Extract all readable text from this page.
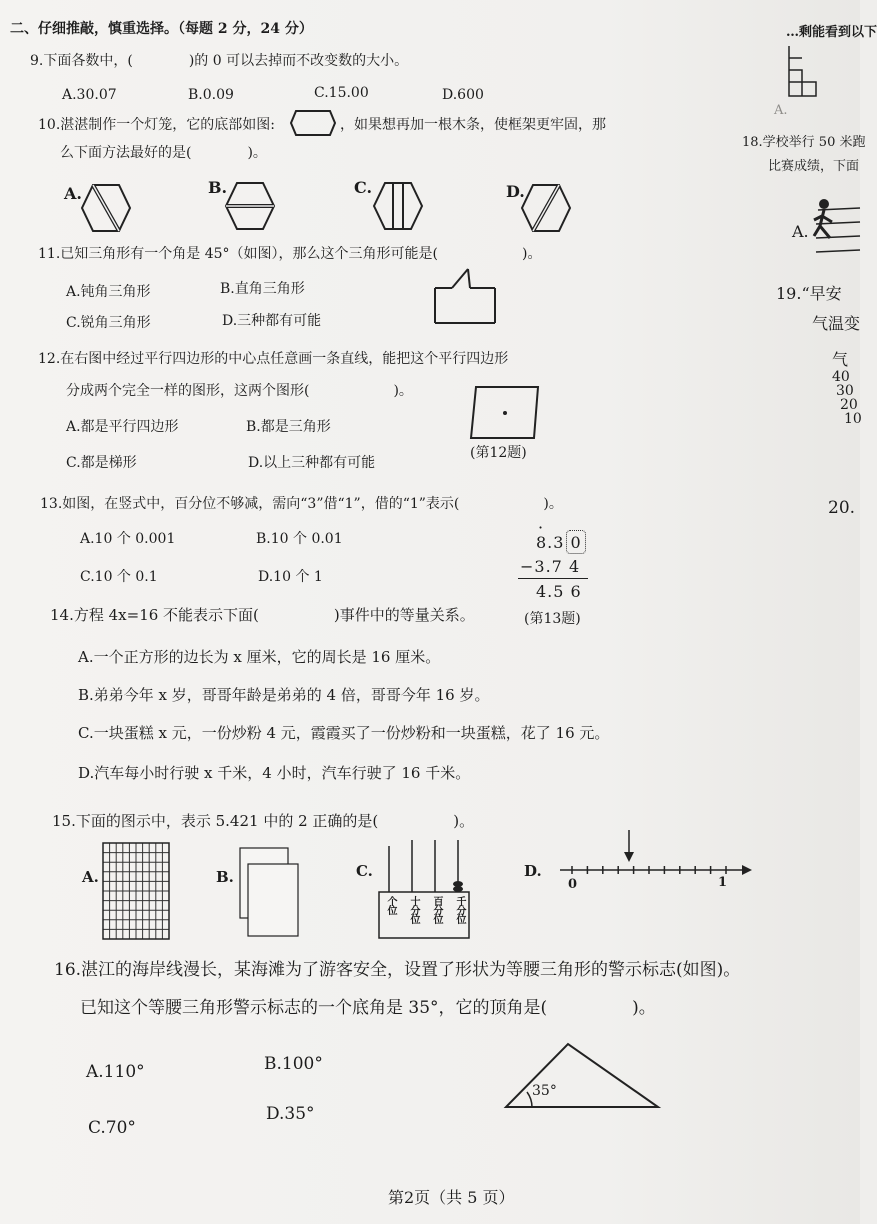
二、仔细推敲，慎重选择。（每题 2 分，24 分）
9.下面各数中，(　　　　)的 0 可以去掉而不改变数的大小。
A.30.07	B.0.09	C.15.00	D.600
10.湛湛制作一个灯笼，它的底部如图:	，如果想再加一根木条，使框架更牢固，那
么下面方法最好的是(　　　　)。
A.	B.	C.	D.
11.已知三角形有一个角是 45°（如图），那么这个三角形可能是(　　　　　　)。
A.钝角三角形	B.直角三角形
C.锐角三角形	D.三种都有可能
12.在右图中经过平行四边形的中心点任意画一条直线，能把这个平行四边形
分成两个完全一样的图形，这两个图形(　　　　　　)。
A.都是平行四边形	B.都是三角形
C.都是梯形	D.以上三种都有可能
(第12题)
13.如图，在竖式中，百分位不够减，需向“3”借“1”，借的“1”表示(　　　　　　)。
A.10 个 0.001	B.10 个 0.01
C.10 个 0.1	D.10 个 1
·
8.3 0
−3.7 4
4.5 6
(第13题)
14.方程 4x=16 不能表示下面(　　　　　)事件中的等量关系。
A.一个正方形的边长为 x 厘米，它的周长是 16 厘米。
B.弟弟今年 x 岁，哥哥年龄是弟弟的 4 倍，哥哥今年 16 岁。
C.一块蛋糕 x 元，一份炒粉 4 元，霞霞买了一份炒粉和一块蛋糕，花了 16 元。
D.汽车每小时行驶 x 千米，4 小时，汽车行驶了 16 千米。
15.下面的图示中，表示 5.421 中的 2 正确的是(　　　　　)。
A.	B.	C.
个位 十分位 百分位 千分位
D.
0	1
16.湛江的海岸线漫长，某海滩为了游客安全，设置了形状为等腰三角形的警示标志(如图)。
已知这个等腰三角形警示标志的一个底角是 35°，它的顶角是(　　　　　)。
A.110°	B.100°
C.70°
D.35°
35°
…剩能看到以下
A.
18.学校举行 50 米跑
比赛成绩，下面
A.
19.“早安
气温变
气
40
30
20
10
20.
第2页（共 5 页）
